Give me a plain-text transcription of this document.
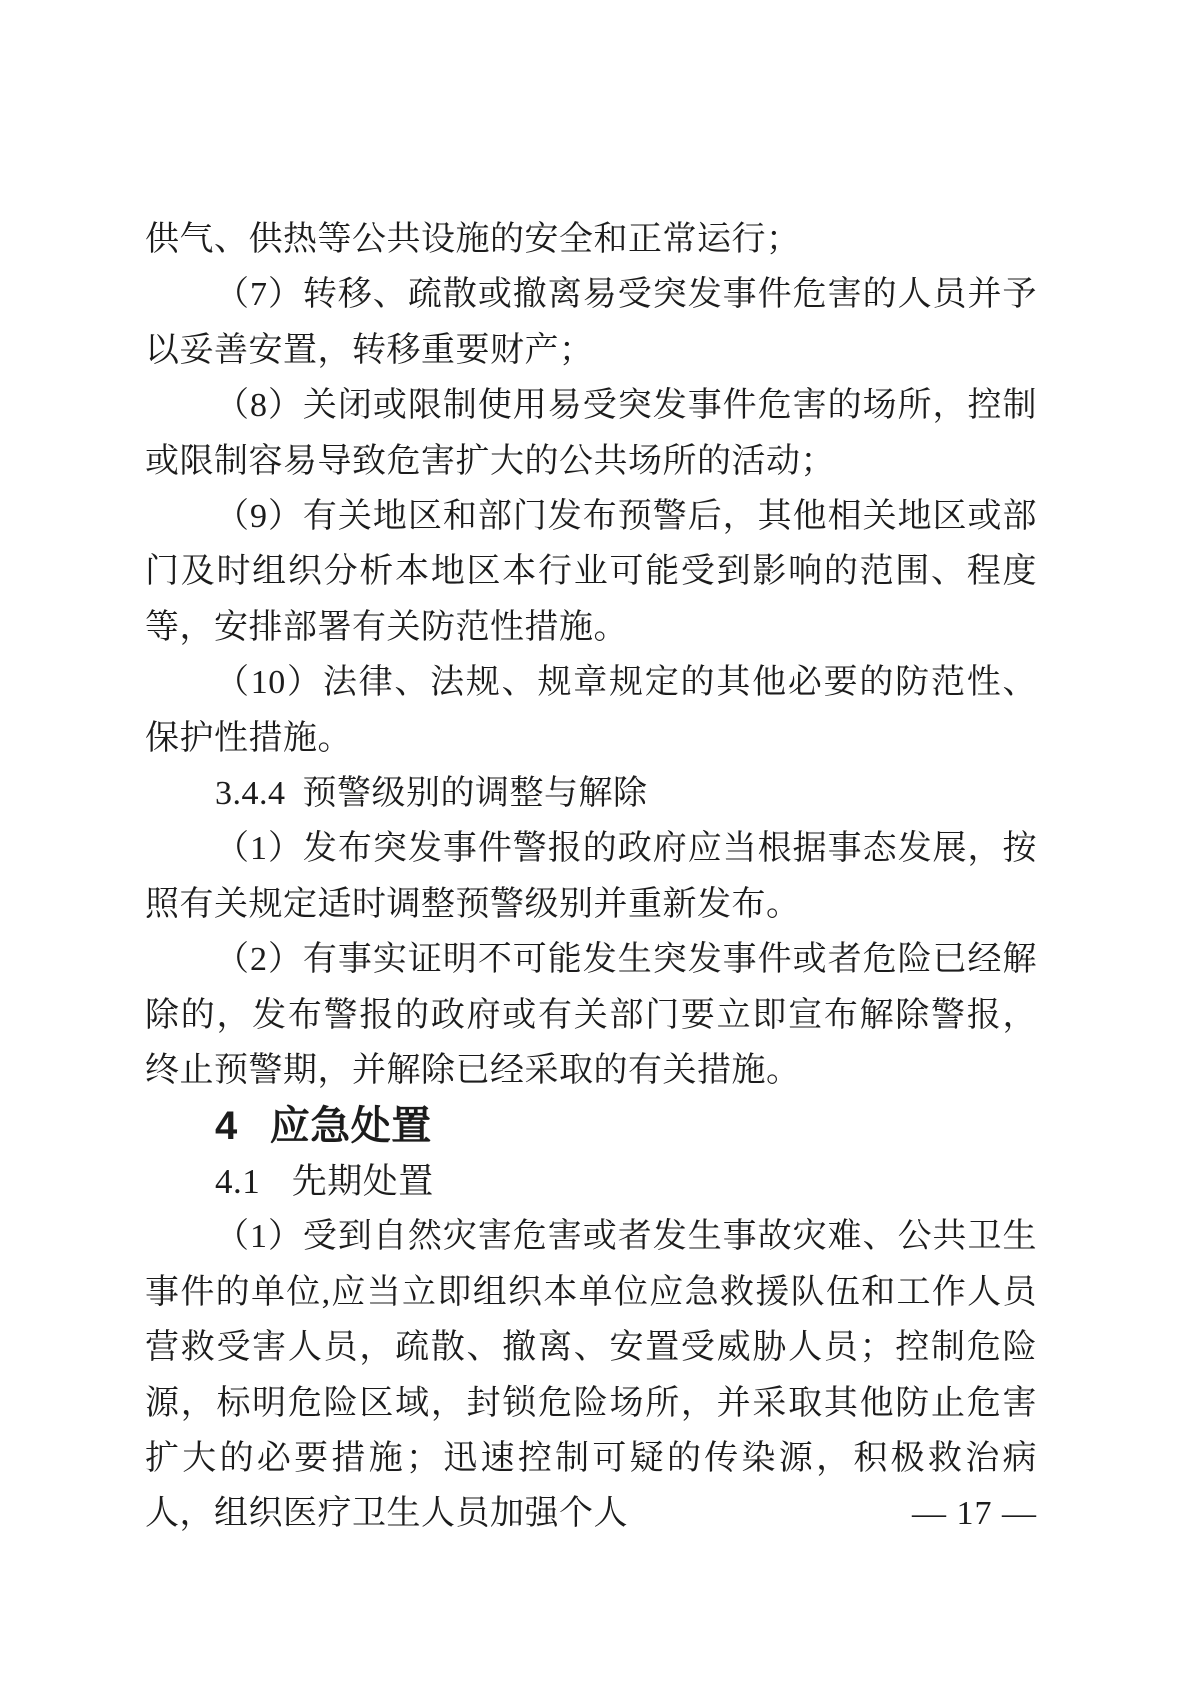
供气、供热等公共设施的安全和正常运行；

（7）转移、疏散或撤离易受突发事件危害的人员并予以妥善安置，转移重要财产；

（8）关闭或限制使用易受突发事件危害的场所，控制或限制容易导致危害扩大的公共场所的活动；

（9）有关地区和部门发布预警后，其他相关地区或部门及时组织分析本地区本行业可能受到影响的范围、程度等，安排部署有关防范性措施。

（10）法律、法规、规章规定的其他必要的防范性、保护性措施。

3.4.4 预警级别的调整与解除

（1）发布突发事件警报的政府应当根据事态发展，按照有关规定适时调整预警级别并重新发布。

（2）有事实证明不可能发生突发事件或者危险已经解除的，发布警报的政府或有关部门要立即宣布解除警报，终止预警期，并解除已经采取的有关措施。

4 应急处置

4.1 先期处置

（1）受到自然灾害危害或者发生事故灾难、公共卫生事件的单位,应当立即组织本单位应急救援队伍和工作人员营救受害人员，疏散、撤离、安置受威胁人员；控制危险源，标明危险区域，封锁危险场所，并采取其他防止危害扩大的必要措施；迅速控制可疑的传染源，积极救治病人，组织医疗卫生人员加强个人	— 17 —
